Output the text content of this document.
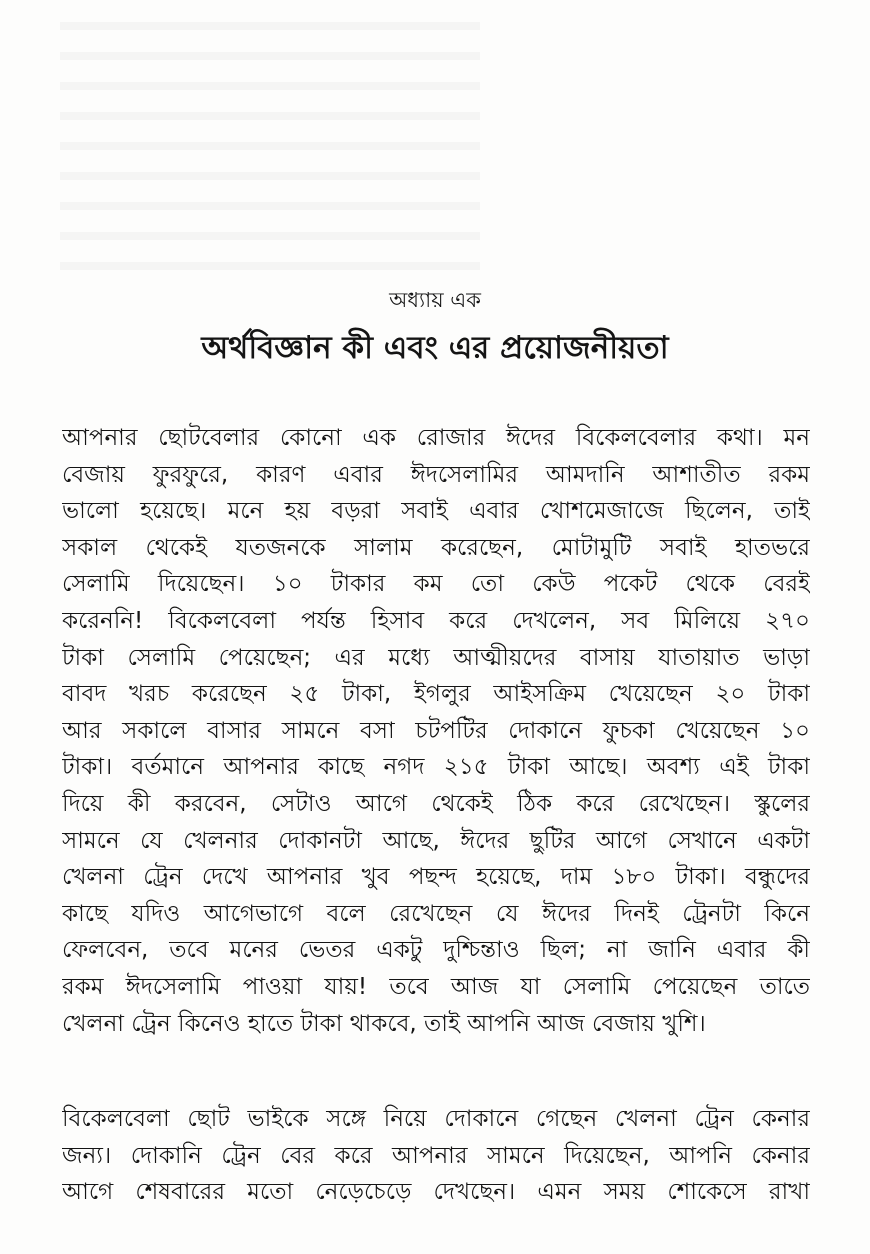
অধ্যায় এক
অর্থবিজ্ঞান কী এবং এর প্রয়োজনীয়তা
আপনার ছোটবেলার কোনো এক রোজার ঈদের বিকেলবেলার কথা। মন
বেজায় ফুরফুরে, কারণ এবার ঈদসেলামির আমদানি আশাতীত রকম
ভালো হয়েছে। মনে হয় বড়রা সবাই এবার খোশমেজাজে ছিলেন, তাই
সকাল থেকেই যতজনকে সালাম করেছেন, মোটামুটি সবাই হাতভরে
সেলামি দিয়েছেন। ১০ টাকার কম তো কেউ পকেট থেকে বেরই
করেননি! বিকেলবেলা পর্যন্ত হিসাব করে দেখলেন, সব মিলিয়ে ২৭০
টাকা সেলামি পেয়েছেন; এর মধ্যে আত্মীয়দের বাসায় যাতায়াত ভাড়া
বাবদ খরচ করেছেন ২৫ টাকা, ইগলুর আইসক্রিম খেয়েছেন ২০ টাকা
আর সকালে বাসার সামনে বসা চটপটির দোকানে ফুচকা খেয়েছেন ১০
টাকা। বর্তমানে আপনার কাছে নগদ ২১৫ টাকা আছে। অবশ্য এই টাকা
দিয়ে কী করবেন, সেটাও আগে থেকেই ঠিক করে রেখেছেন। স্কুলের
সামনে যে খেলনার দোকানটা আছে, ঈদের ছুটির আগে সেখানে একটা
খেলনা ট্রেন দেখে আপনার খুব পছন্দ হয়েছে, দাম ১৮০ টাকা। বন্ধুদের
কাছে যদিও আগেভাগে বলে রেখেছেন যে ঈদের দিনই ট্রেনটা কিনে
ফেলবেন, তবে মনের ভেতর একটু দুশ্চিন্তাও ছিল; না জানি এবার কী
রকম ঈদসেলামি পাওয়া যায়! তবে আজ যা সেলামি পেয়েছেন তাতে
খেলনা ট্রেন কিনেও হাতে টাকা থাকবে, তাই আপনি আজ বেজায় খুশি।
বিকেলবেলা ছোট ভাইকে সঙ্গে নিয়ে দোকানে গেছেন খেলনা ট্রেন কেনার
জন্য। দোকানি ট্রেন বের করে আপনার সামনে দিয়েছেন, আপনি কেনার
আগে শেষবারের মতো নেড়েচেড়ে দেখছেন। এমন সময় শোকেসে রাখা
